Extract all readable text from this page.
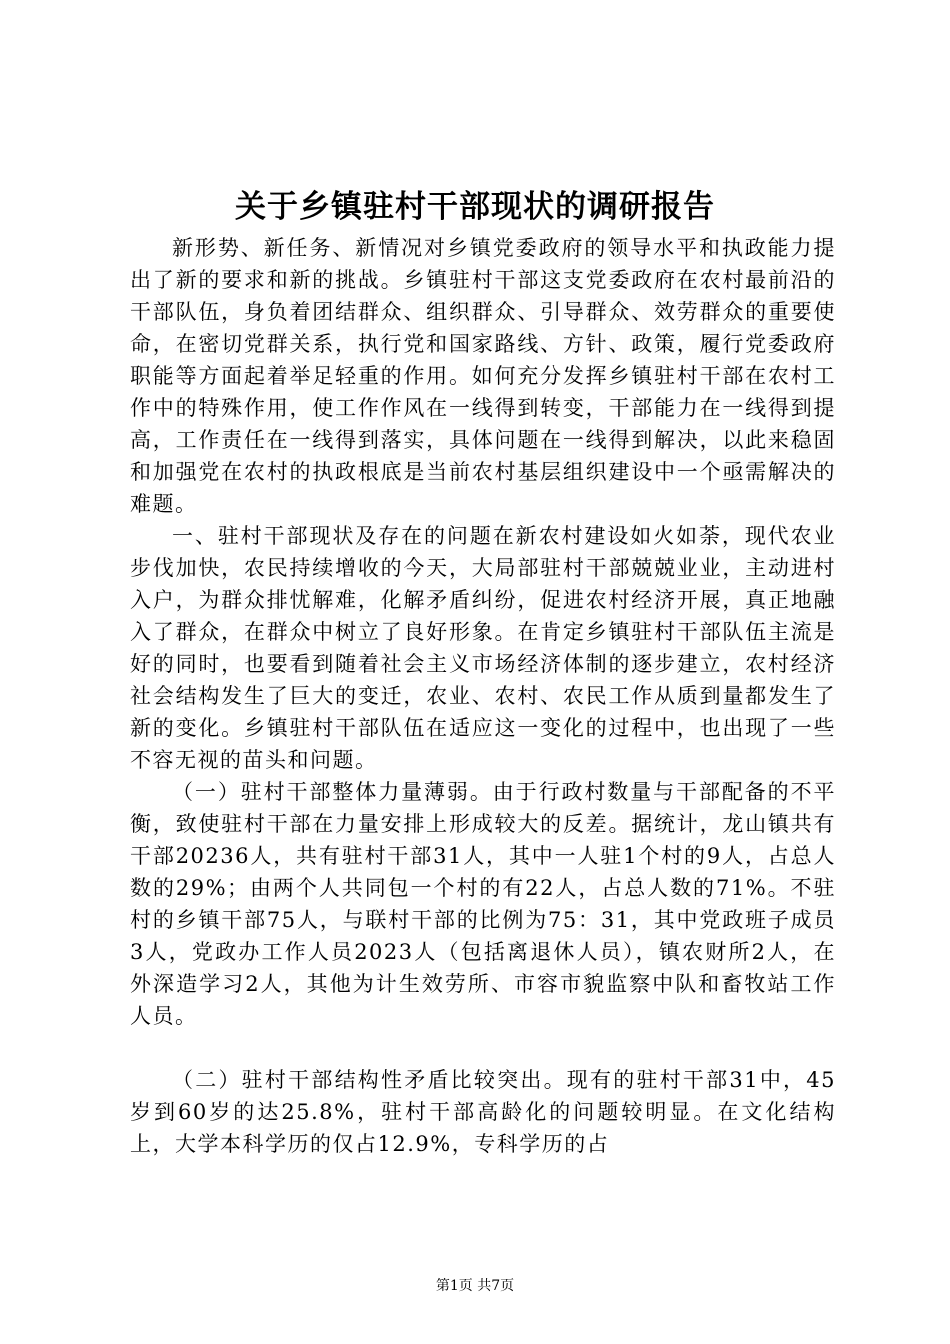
关于乡镇驻村干部现状的调研报告

新形势、新任务、新情况对乡镇党委政府的领导水平和执政能力提出了新的要求和新的挑战。乡镇驻村干部这支党委政府在农村最前沿的干部队伍，身负着团结群众、组织群众、引导群众、效劳群众的重要使命，在密切党群关系，执行党和国家路线、方针、政策，履行党委政府职能等方面起着举足轻重的作用。如何充分发挥乡镇驻村干部在农村工作中的特殊作用，使工作作风在一线得到转变，干部能力在一线得到提高，工作责任在一线得到落实，具体问题在一线得到解决，以此来稳固和加强党在农村的执政根底是当前农村基层组织建设中一个亟需解决的难题。

一、驻村干部现状及存在的问题在新农村建设如火如荼，现代农业步伐加快，农民持续增收的今天，大局部驻村干部兢兢业业，主动进村入户，为群众排忧解难，化解矛盾纠纷，促进农村经济开展，真正地融入了群众，在群众中树立了良好形象。在肯定乡镇驻村干部队伍主流是好的同时，也要看到随着社会主义市场经济体制的逐步建立，农村经济社会结构发生了巨大的变迁，农业、农村、农民工作从质到量都发生了新的变化。乡镇驻村干部队伍在适应这一变化的过程中，也出现了一些不容无视的苗头和问题。

（一）驻村干部整体力量薄弱。由于行政村数量与干部配备的不平衡，致使驻村干部在力量安排上形成较大的反差。据统计，龙山镇共有干部20236人，共有驻村干部31人，其中一人驻1个村的9人，占总人数的29%；由两个人共同包一个村的有22人，占总人数的71%。不驻村的乡镇干部75人，与联村干部的比例为75：31，其中党政班子成员3人，党政办工作人员2023人（包括离退休人员），镇农财所2人，在外深造学习2人，其他为计生效劳所、市容市貌监察中队和畜牧站工作人员。

（二）驻村干部结构性矛盾比较突出。现有的驻村干部31中，45岁到60岁的达25.8%，驻村干部高龄化的问题较明显。在文化结构上，大学本科学历的仅占12.9%，专科学历的占

第1页 共7页
